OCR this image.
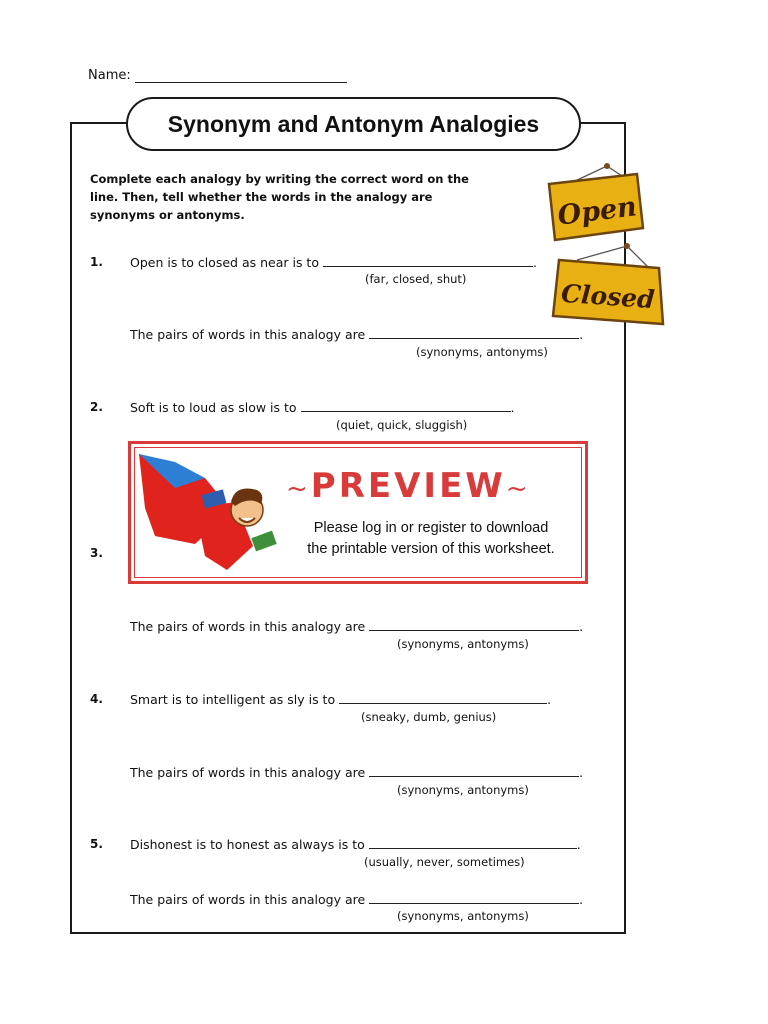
Name:
Synonym and Antonym Analogies
Complete each analogy by writing the correct word on the line. Then, tell whether the words in the analogy are synonyms or antonyms.	Open
Closed
1. Open is to closed as near is to	.
(far, closed, shut)
The pairs of words in this analogy are	.
(synonyms, antonyms)
2. Soft is to loud as slow is to	.
(quiet, quick, sluggish)
~PREVIEW~
Please log in or register to download
the printable version of this worksheet.
3.
The pairs of words in this analogy are	.
(synonyms, antonyms)
4. Smart is to intelligent as sly is to	.
(sneaky, dumb, genius)
The pairs of words in this analogy are	.
(synonyms, antonyms)
5. Dishonest is to honest as always is to	.
(usually, never, sometimes)
The pairs of words in this analogy are	.
(synonyms, antonyms)
